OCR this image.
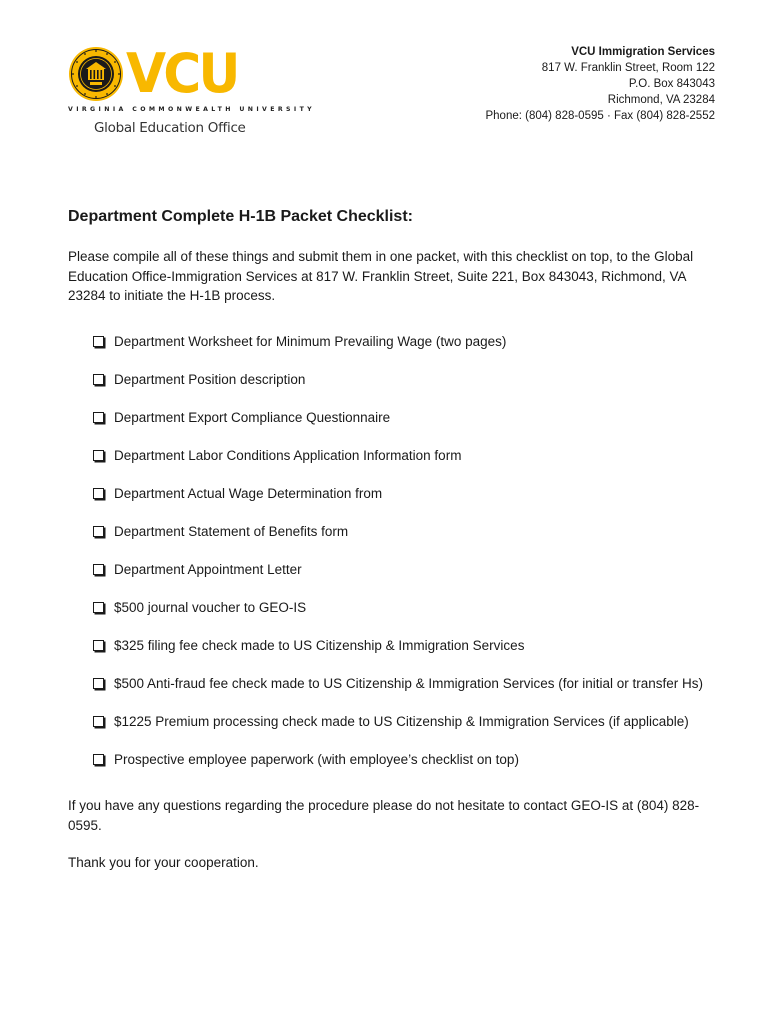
VCU
VIRGINIA COMMONWEALTH UNIVERSITY
Global Education Office
VCU Immigration Services
817 W. Franklin Street, Room 122
P.O. Box 843043
Richmond, VA 23284
Phone: (804) 828-0595 · Fax (804) 828-2552
Department Complete H-1B Packet Checklist:

Please compile all of these things and submit them in one packet, with this checklist on top, to the Global Education Office-Immigration Services at 817 W. Franklin Street, Suite 221, Box 843043, Richmond, VA 23284 to initiate the H-1B process.

Department Worksheet for Minimum Prevailing Wage (two pages)
Department Position description
Department Export Compliance Questionnaire
Department Labor Conditions Application Information form
Department Actual Wage Determination from
Department Statement of Benefits form
Department Appointment Letter
$500 journal voucher to GEO-IS
$325 filing fee check made to US Citizenship & Immigration Services
$500 Anti-fraud fee check made to US Citizenship & Immigration Services (for initial or transfer Hs)
$1225 Premium processing check made to US Citizenship & Immigration Services (if applicable)
Prospective employee paperwork (with employee’s checklist on top)

If you have any questions regarding the procedure please do not hesitate to contact GEO-IS at (804) 828-0595.

Thank you for your cooperation.
